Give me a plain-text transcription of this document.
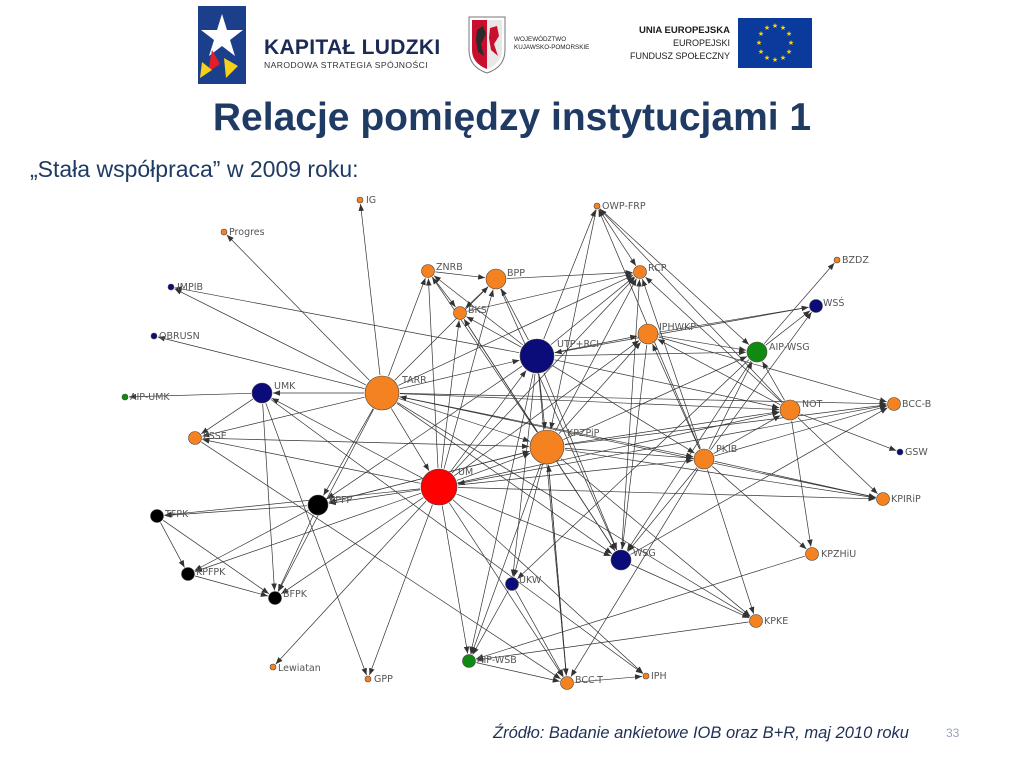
KAPITAŁ LUDZKI
NARODOWA STRATEGIA SPÓJNOŚCI
WOJEWÓDZTWO
KUJAWSKO-POMORSKIE
UNIA EUROPEJSKA
EUROPEJSKI
FUNDUSZ SPOŁECZNY
★ ★
★
★
★
★
★
★
★
★
★
★
Relacje pomiędzy instytucjami 1
„Stała współpraca” w 2009 roku:
IG
Progres
IMPIB
OBRUSN
AIP-UMK
UMK
PSSE
TARR
ZNRB
BPP
BKS
UTP+RCI
OWP-FRP
RCP
IPHWKP
BZDZ
WSŚ
AIP-WSG
NOT	BCC-B
GSW
KPZPiP
PKIB
UM
KPFP
TFPK
KPFPK
BFPK
KPIRiP
KPZHiU
WSG
UKW
KPKE
AIP-WSB
BCC-T	IPH
GPP
Lewiatan
Źródło: Badanie ankietowe IOB oraz B+R, maj 2010 roku	33
